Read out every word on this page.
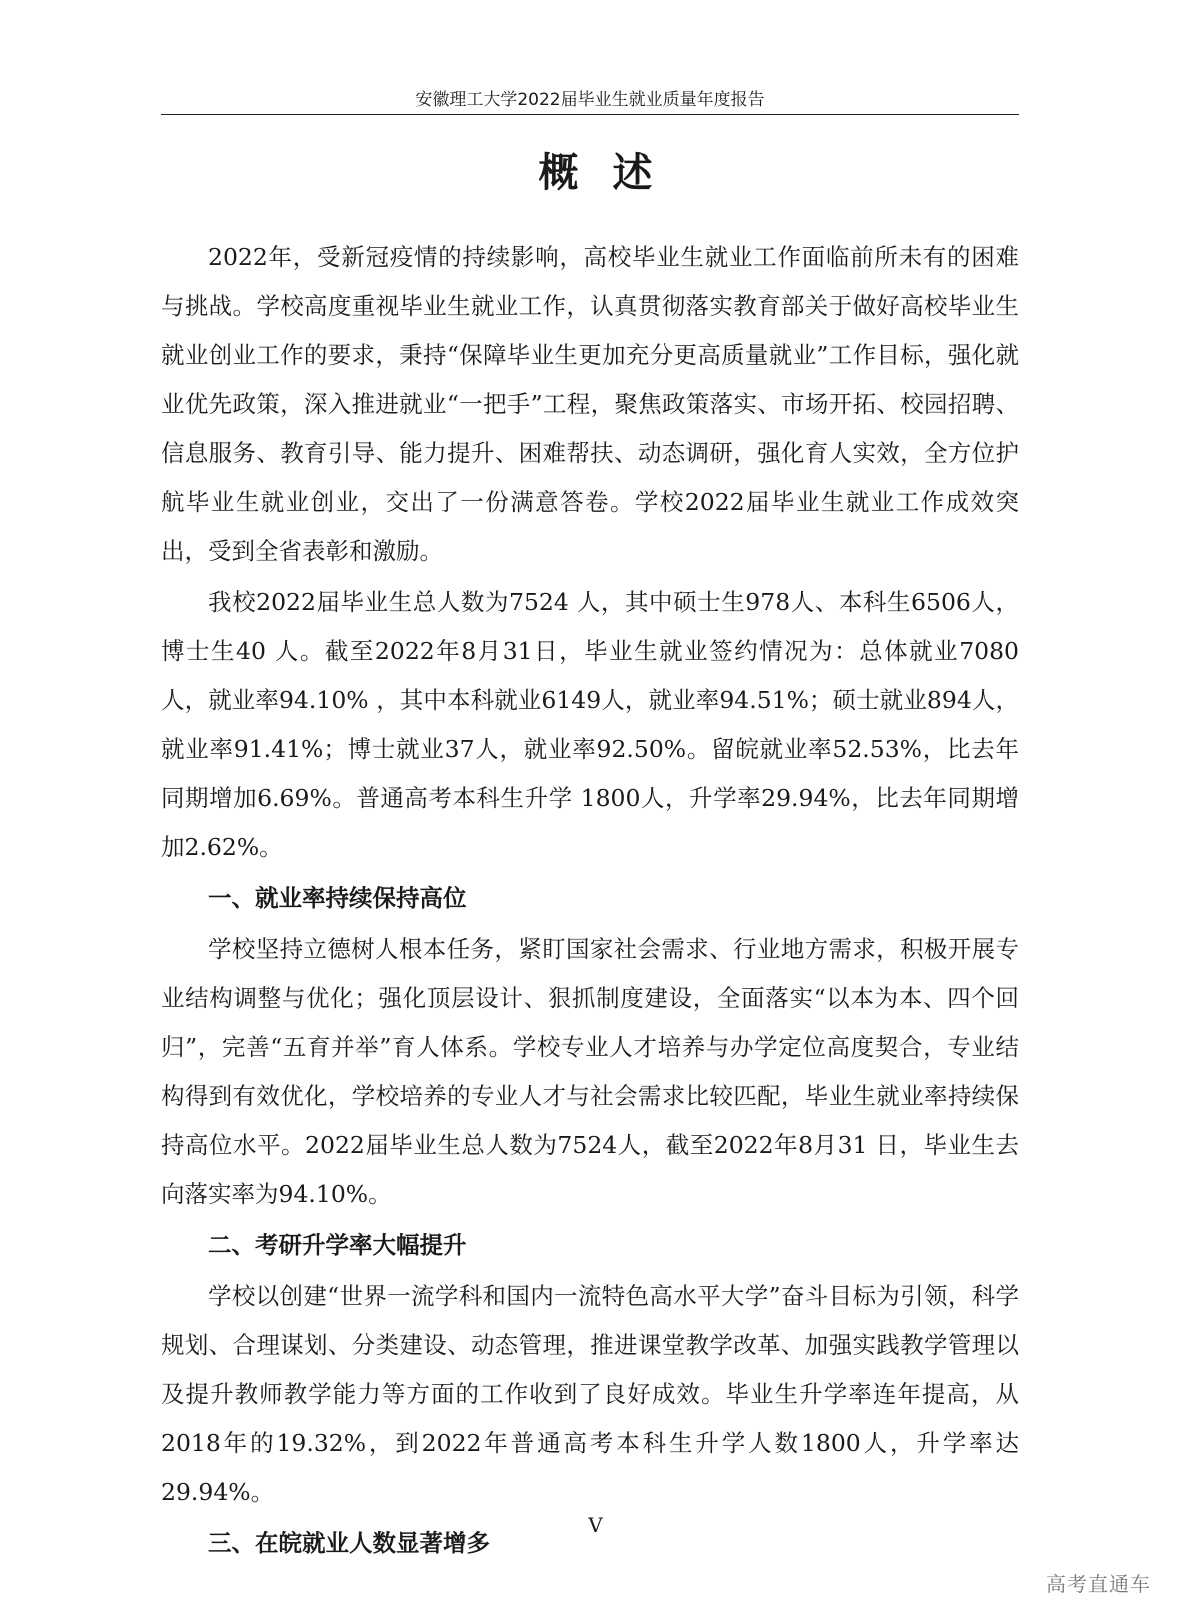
安徽理工大学2022届毕业生就业质量年度报告
概述

2022年，受新冠疫情的持续影响，高校毕业生就业工作面临前所未有的困难与挑战。学校高度重视毕业生就业工作，认真贯彻落实教育部关于做好高校毕业生就业创业工作的要求，秉持“保障毕业生更加充分更高质量就业”工作目标，强化就业优先政策，深入推进就业“一把手”工程，聚焦政策落实、市场开拓、校园招聘、信息服务、教育引导、能力提升、困难帮扶、动态调研，强化育人实效，全方位护航毕业生就业创业，交出了一份满意答卷。学校2022届毕业生就业工作成效突出，受到全省表彰和激励。

我校2022届毕业生总人数为7524 人，其中硕士生978人、本科生6506人，博士生40 人。截至2022年8月31日，毕业生就业签约情况为：总体就业7080人，就业率94.10% ，其中本科就业6149人，就业率94.51%；硕士就业894人，就业率91.41%；博士就业37人，就业率92.50%。留皖就业率52.53%，比去年同期增加6.69%。普通高考本科生升学 1800人，升学率29.94%，比去年同期增加2.62%。

一、就业率持续保持高位

学校坚持立德树人根本任务，紧盯国家社会需求、行业地方需求，积极开展专业结构调整与优化；强化顶层设计、狠抓制度建设，全面落实“以本为本、四个回归”，完善“五育并举”育人体系。学校专业人才培养与办学定位高度契合，专业结构得到有效优化，学校培养的专业人才与社会需求比较匹配，毕业生就业率持续保持高位水平。2022届毕业生总人数为7524人，截至2022年8月31 日，毕业生去向落实率为94.10%。

二、考研升学率大幅提升

学校以创建“世界一流学科和国内一流特色高水平大学”奋斗目标为引领，科学规划、合理谋划、分类建设、动态管理，推进课堂教学改革、加强实践教学管理以及提升教师教学能力等方面的工作收到了良好成效。毕业生升学率连年提高，从2018年的19.32%，到2022年普通高考本科生升学人数1800人，升学率达29.94%。

三、在皖就业人数显著增多
V
高考直通车
